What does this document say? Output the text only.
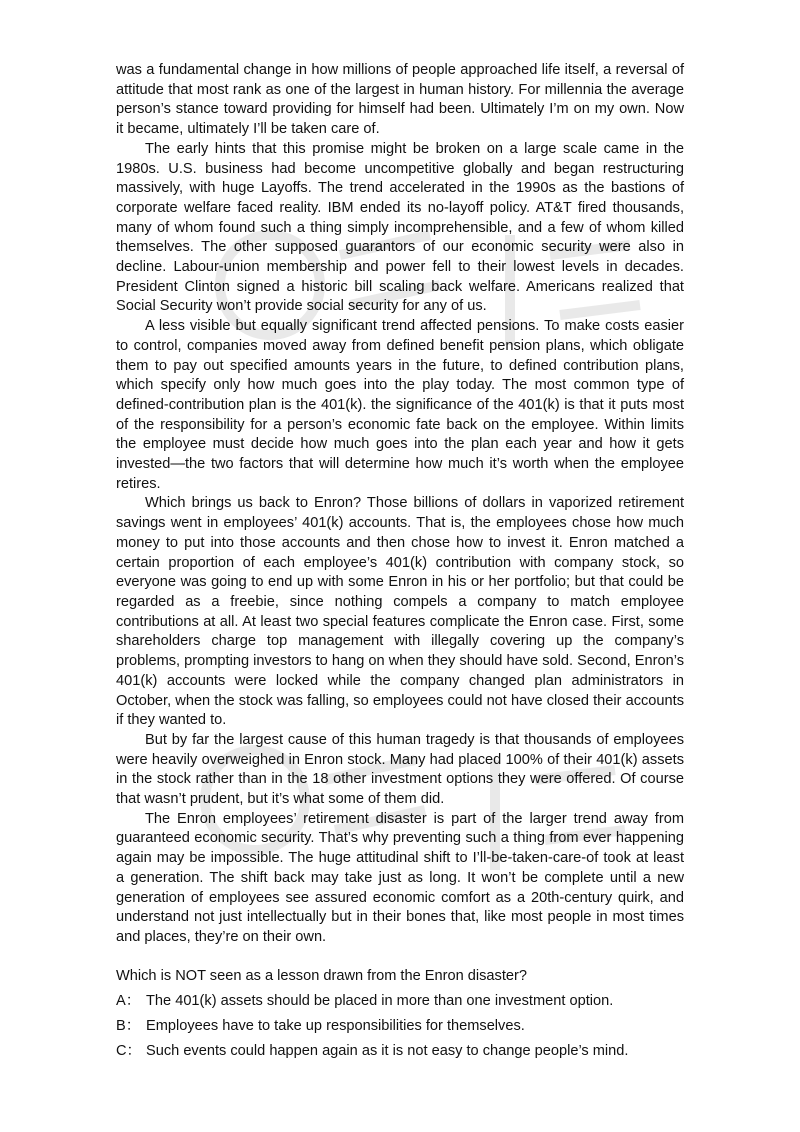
was a fundamental change in how millions of people approached life itself, a reversal of attitude that most rank as one of the largest in human history. For millennia the average person’s stance toward providing for himself had been. Ultimately I’m on my own. Now it became, ultimately I’ll be taken care of.

The early hints that this promise might be broken on a large scale came in the 1980s. U.S. business had become uncompetitive globally and began restructuring massively, with huge Layoffs. The trend accelerated in the 1990s as the bastions of corporate welfare faced reality. IBM ended its no-layoff policy. AT&T fired thousands, many of whom found such a thing simply incomprehensible, and a few of whom killed themselves. The other supposed guarantors of our economic security were also in decline. Labour-union membership and power fell to their lowest levels in decades. President Clinton signed a historic bill scaling back welfare. Americans realized that Social Security won’t provide social security for any of us.

A less visible but equally significant trend affected pensions. To make costs easier to control, companies moved away from defined benefit pension plans, which obligate them to pay out specified amounts years in the future, to defined contribution plans, which specify only how much goes into the play today. The most common type of defined-contribution plan is the 401(k). the significance of the 401(k) is that it puts most of the responsibility for a person’s economic fate back on the employee. Within limits the employee must decide how much goes into the plan each year and how it gets invested—the two factors that will determine how much it’s worth when the employee retires.

Which brings us back to Enron? Those billions of dollars in vaporized retirement savings went in employees’ 401(k) accounts. That is, the employees chose how much money to put into those accounts and then chose how to invest it. Enron matched a certain proportion of each employee’s 401(k) contribution with company stock, so everyone was going to end up with some Enron in his or her portfolio; but that could be regarded as a freebie, since nothing compels a company to match employee contributions at all. At least two special features complicate the Enron case. First, some shareholders charge top management with illegally covering up the company’s problems, prompting investors to hang on when they should have sold. Second, Enron’s 401(k) accounts were locked while the company changed plan administrators in October, when the stock was falling, so employees could not have closed their accounts if they wanted to.

But by far the largest cause of this human tragedy is that thousands of employees were heavily overweighed in Enron stock. Many had placed 100% of their 401(k) assets in the stock rather than in the 18 other investment options they were offered. Of course that wasn’t prudent, but it’s what some of them did.

The Enron employees’ retirement disaster is part of the larger trend away from guaranteed economic security. That’s why preventing such a thing from ever happening again may be impossible. The huge attitudinal shift to I’ll-be-taken-care-of took at least a generation. The shift back may take just as long. It won’t be complete until a new generation of employees see assured economic comfort as a 20th-century quirk, and understand not just intellectually but in their bones that, like most people in most times and places, they’re on their own.

Which is NOT seen as a lesson drawn from the Enron disaster?

A： The 401(k) assets should be placed in more than one investment option.
B： Employees have to take up responsibilities for themselves.
C： Such events could happen again as it is not easy to change people’s mind.
